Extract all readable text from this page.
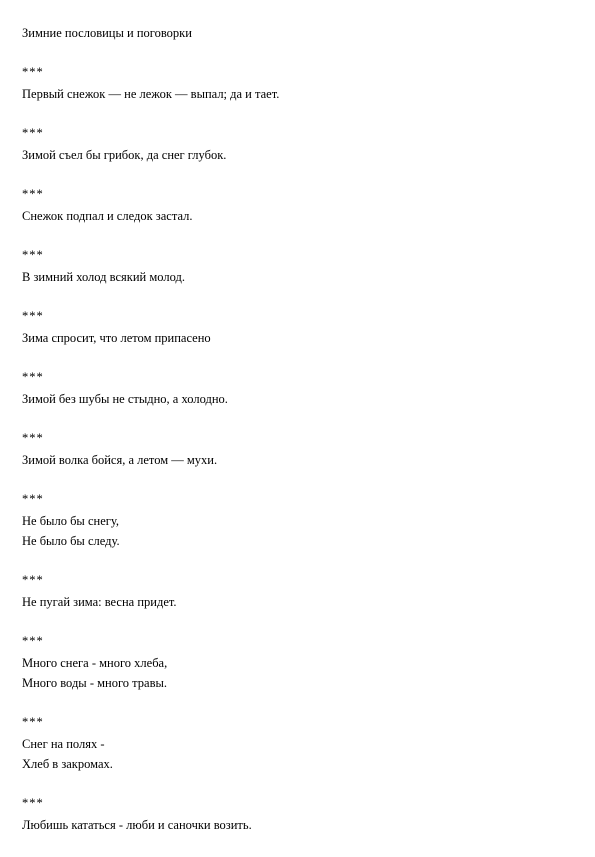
Зимние пословицы и поговорки
***
Первый снежок — не лежок — выпал; да и тает.
***
Зимой съел бы грибок, да снег глубок.
***
Снежок подпал и следок застал.
***
В зимний холод всякий молод.
***
Зима спросит, что летом припасено
***
Зимой без шубы не стыдно, а холодно.
***
Зимой волка бойся, а летом — мухи.
***
Не было бы снегу,
Не было бы следу.
***
Не пугай зима: весна придет.
***
Много снега - много хлеба,
Много воды - много травы.
***
Снег на полях -
Хлеб в закромах.
***
Любишь кататься - люби и саночки возить.
